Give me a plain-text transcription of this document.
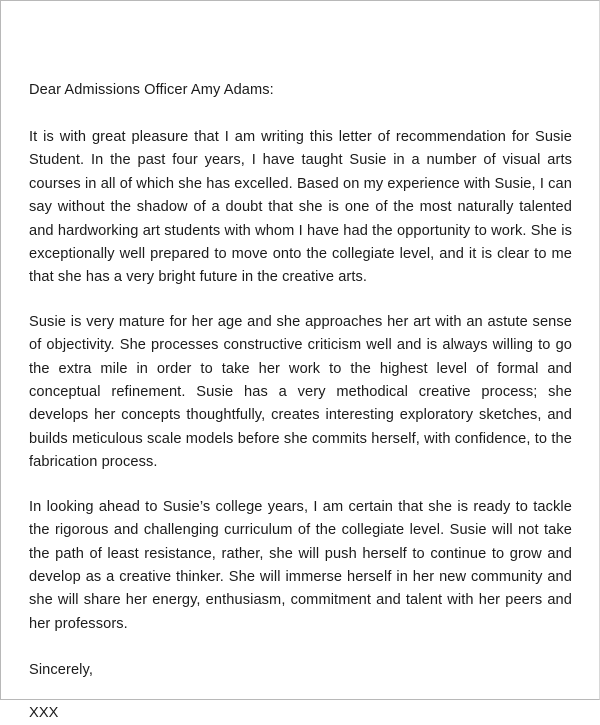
Dear Admissions Officer Amy Adams:

It is with great pleasure that I am writing this letter of recommendation for Susie Student. In the past four years, I have taught Susie in a number of visual arts courses in all of which she has excelled. Based on my experience with Susie, I can say without the shadow of a doubt that she is one of the most naturally talented and hardworking art students with whom I have had the opportunity to work. She is exceptionally well prepared to move onto the collegiate level, and it is clear to me that she has a very bright future in the creative arts.

Susie is very mature for her age and she approaches her art with an astute sense of objectivity. She processes constructive criticism well and is always willing to go the extra mile in order to take her work to the highest level of formal and conceptual refinement. Susie has a very methodical creative process; she develops her concepts thoughtfully, creates interesting exploratory sketches, and builds meticulous scale models before she commits herself, with confidence, to the fabrication process.

In looking ahead to Susie’s college years, I am certain that she is ready to tackle the rigorous and challenging curriculum of the collegiate level. Susie will not take the path of least resistance, rather, she will push herself to continue to grow and develop as a creative thinker. She will immerse herself in her new community and she will share her energy, enthusiasm, commitment and talent with her peers and her professors.

Sincerely,

XXX
